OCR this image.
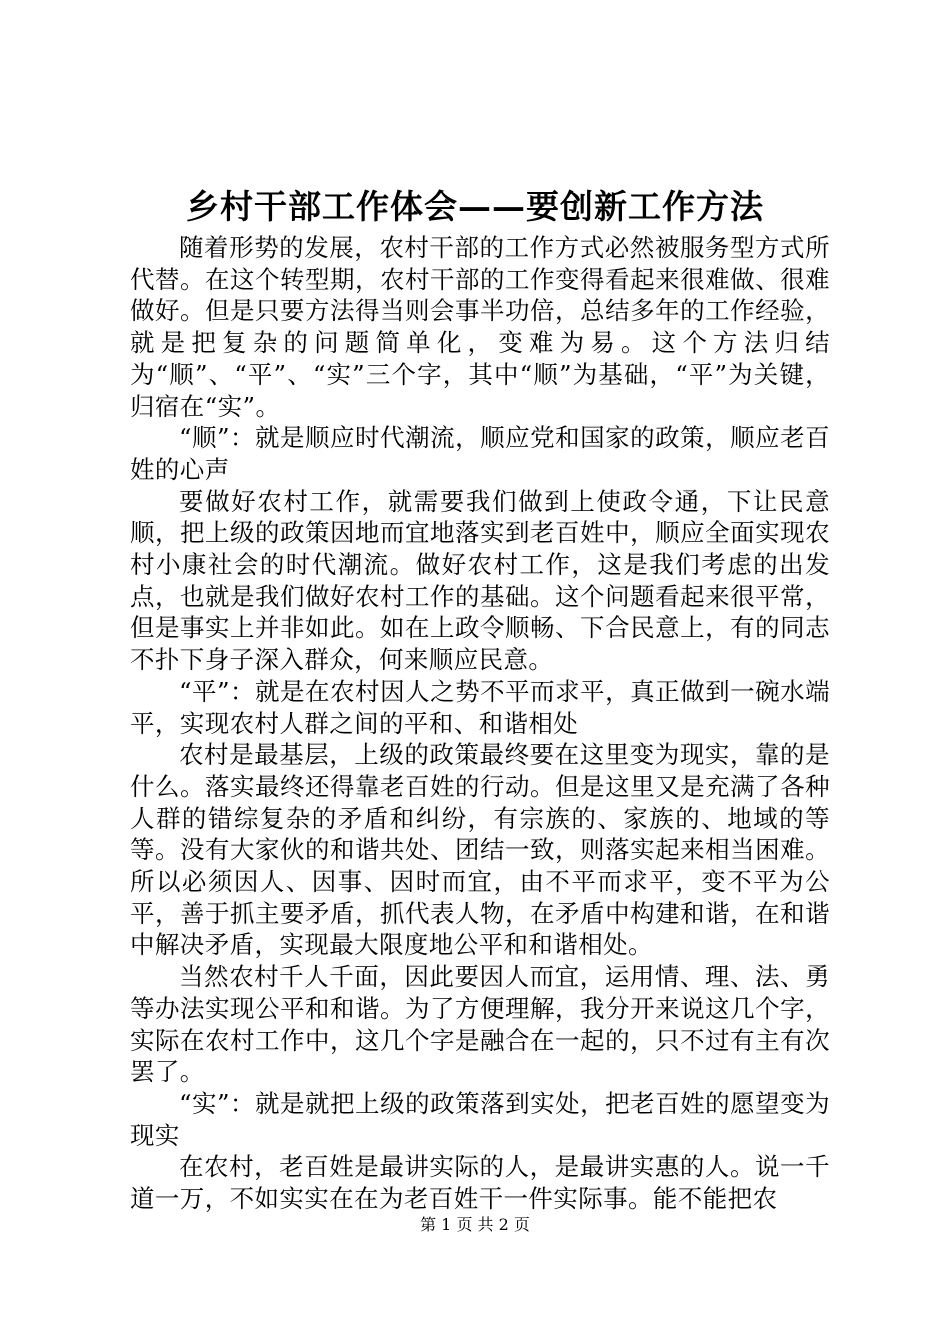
乡村干部工作体会——要创新工作方法

随着形势的发展，农村干部的工作方式必然被服务型方式所代替。在这个转型期，农村干部的工作变得看起来很难做、很难做好。但是只要方法得当则会事半功倍，总结多年的工作经验，就是把复杂的问题简单化，变难为易。这个方法归结为“顺”、“平”、“实”三个字，其中“顺”为基础，“平”为关键，归宿在“实”。

“顺”：就是顺应时代潮流，顺应党和国家的政策，顺应老百姓的心声

要做好农村工作，就需要我们做到上使政令通，下让民意顺，把上级的政策因地而宜地落实到老百姓中，顺应全面实现农村小康社会的时代潮流。做好农村工作，这是我们考虑的出发点，也就是我们做好农村工作的基础。这个问题看起来很平常，但是事实上并非如此。如在上政令顺畅、下合民意上，有的同志不扑下身子深入群众，何来顺应民意。

“平”：就是在农村因人之势不平而求平，真正做到一碗水端平，实现农村人群之间的平和、和谐相处

农村是最基层，上级的政策最终要在这里变为现实，靠的是什么。落实最终还得靠老百姓的行动。但是这里又是充满了各种人群的错综复杂的矛盾和纠纷，有宗族的、家族的、地域的等等。没有大家伙的和谐共处、团结一致，则落实起来相当困难。所以必须因人、因事、因时而宜，由不平而求平，变不平为公平，善于抓主要矛盾，抓代表人物，在矛盾中构建和谐，在和谐中解决矛盾，实现最大限度地公平和和谐相处。

当然农村千人千面，因此要因人而宜，运用情、理、法、勇等办法实现公平和和谐。为了方便理解，我分开来说这几个字，实际在农村工作中，这几个字是融合在一起的，只不过有主有次罢了。

“实”：就是就把上级的政策落到实处，把老百姓的愿望变为现实

在农村，老百姓是最讲实际的人，是最讲实惠的人。说一千道一万，不如实实在在为老百姓干一件实际事。能不能把农

第 1 页 共 2 页
